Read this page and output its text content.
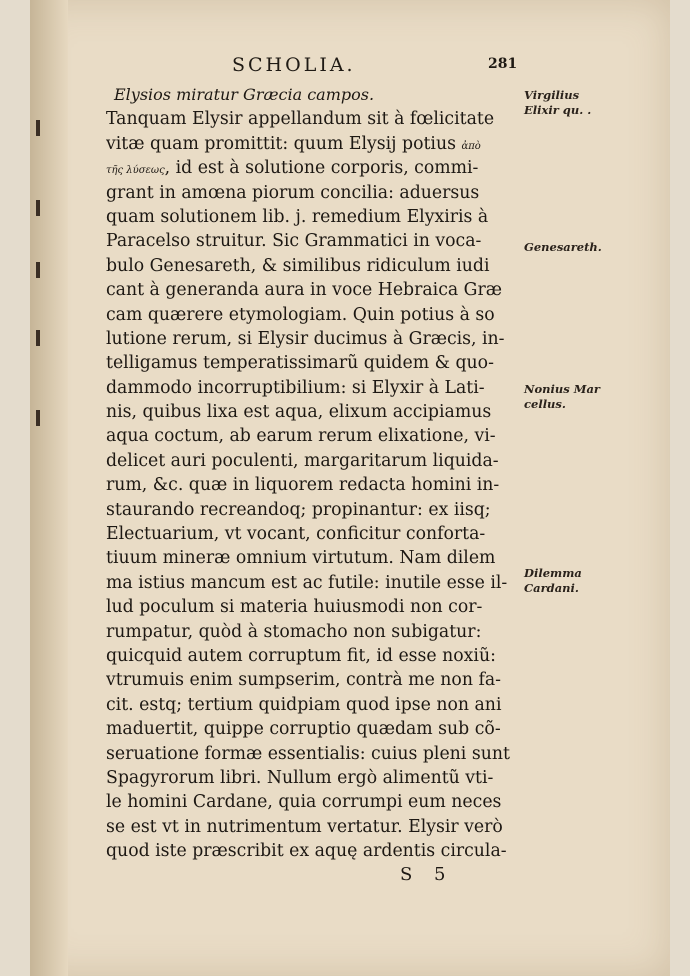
SCHOLIA.	281
Elysios miratur Græcia campos.
Tanquam Elysir appellandum sit à fœlicitate
vitæ quam promittit: quum Elysij potius ἀπὸ
τῆς λύσεως, id est à solutione corporis, commi-
grant in amœna piorum concilia: aduersus
quam solutionem lib. j. remedium Elyxiris à
Paracelso struitur. Sic Grammatici in voca-
bulo Genesareth, & similibus ridiculum iudi
cant à generanda aura in voce Hebraica Græ
cam quærere etymologiam. Quin potius à so
lutione rerum, si Elysir ducimus à Græcis, in-
telligamus temperatissimarũ quidem & quo-
dammodo incorruptibilium: si Elyxir à Lati-
nis, quibus lixa est aqua, elixum accipiamus
aqua coctum, ab earum rerum elixatione, vi-
delicet auri poculenti, margaritarum liquida-
rum, &c. quæ in liquorem redacta homini in-
staurando recreandoq; propinantur: ex iisq;
Electuarium, vt vocant, conficitur conforta-
tiuum mineræ omnium virtutum. Nam dilem
ma istius mancum est ac futile: inutile esse il-
lud poculum si materia huiusmodi non cor-
rumpatur, quòd à stomacho non subigatur:
quicquid autem corruptum fit, id esse noxiũ:
vtrumuis enim sumpserim, contrà me non fa-
cit. estq; tertium quidpiam quod ipse non ani
maduertit, quippe corruptio quædam sub cõ-
seruatione formæ essentialis: cuius pleni sunt
Spagyrorum libri. Nullum ergò alimentũ vti-
le homini Cardane, quia corrumpi eum neces
se est vt in nutrimentum vertatur. Elysir verò
quod iste præscribit ex aquę ardentis circula-
Virgilius
Elixir qu. .
Genesareth.
Nonius Mar
cellus.
Dilemma
Cardani.
S 5
